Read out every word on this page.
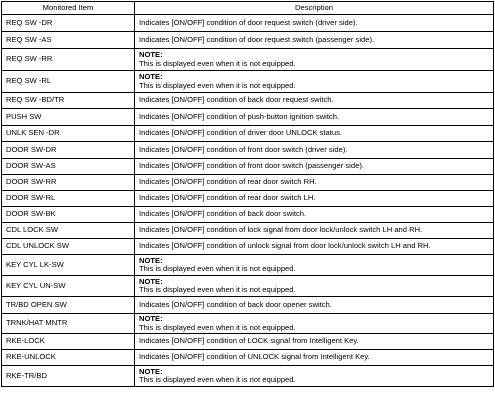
Monitored Item	Description
REQ SW -DR	Indicates [ON/OFF] condition of door request switch (driver side).
REQ SW -AS	Indicates [ON/OFF] condition of door request switch (passenger side).
REQ SW -RR	NOTE:
This is displayed even when it is not equipped.

REQ SW -RL	NOTE:
This is displayed even when it is not equipped.

REQ SW -BD/TR	Indicates [ON/OFF] condition of back door request switch.
PUSH SW	Indicates [ON/OFF] condition of push-button ignition switch.
UNLK SEN -DR	Indicates [ON/OFF] condition of driver door UNLOCK status.
DOOR SW-DR	Indicates [ON/OFF] condition of front door switch (driver side).
DOOR SW-AS	Indicates [ON/OFF] condition of front door switch (passenger side).
DOOR SW-RR	Indicates [ON/OFF] condition of rear door switch RH.
DOOR SW-RL	Indicates [ON/OFF] condition of rear door switch LH.
DOOR SW-BK	Indicates [ON/OFF] condition of back door switch.
CDL LOCK SW	Indicates [ON/OFF] condition of lock signal from door lock/unlock switch LH and RH.
CDL UNLOCK SW	Indicates [ON/OFF] condition of unlock signal from door lock/unlock switch LH and RH.
KEY CYL LK-SW	NOTE:
This is displayed even when it is not equipped.

KEY CYL UN-SW	NOTE:
This is displayed even when it is not equipped.

TR/BD OPEN SW	Indicates [ON/OFF] condition of back door opener switch.
TRNK/HAT MNTR	NOTE:
This is displayed even when it is not equipped.

RKE-LOCK	Indicates [ON/OFF] condition of LOCK signal from Intelligent Key.
RKE-UNLOCK	Indicates [ON/OFF] condition of UNLOCK signal from Intelligent Key.
RKE-TR/BD	NOTE:
This is displayed even when it is not equipped.
